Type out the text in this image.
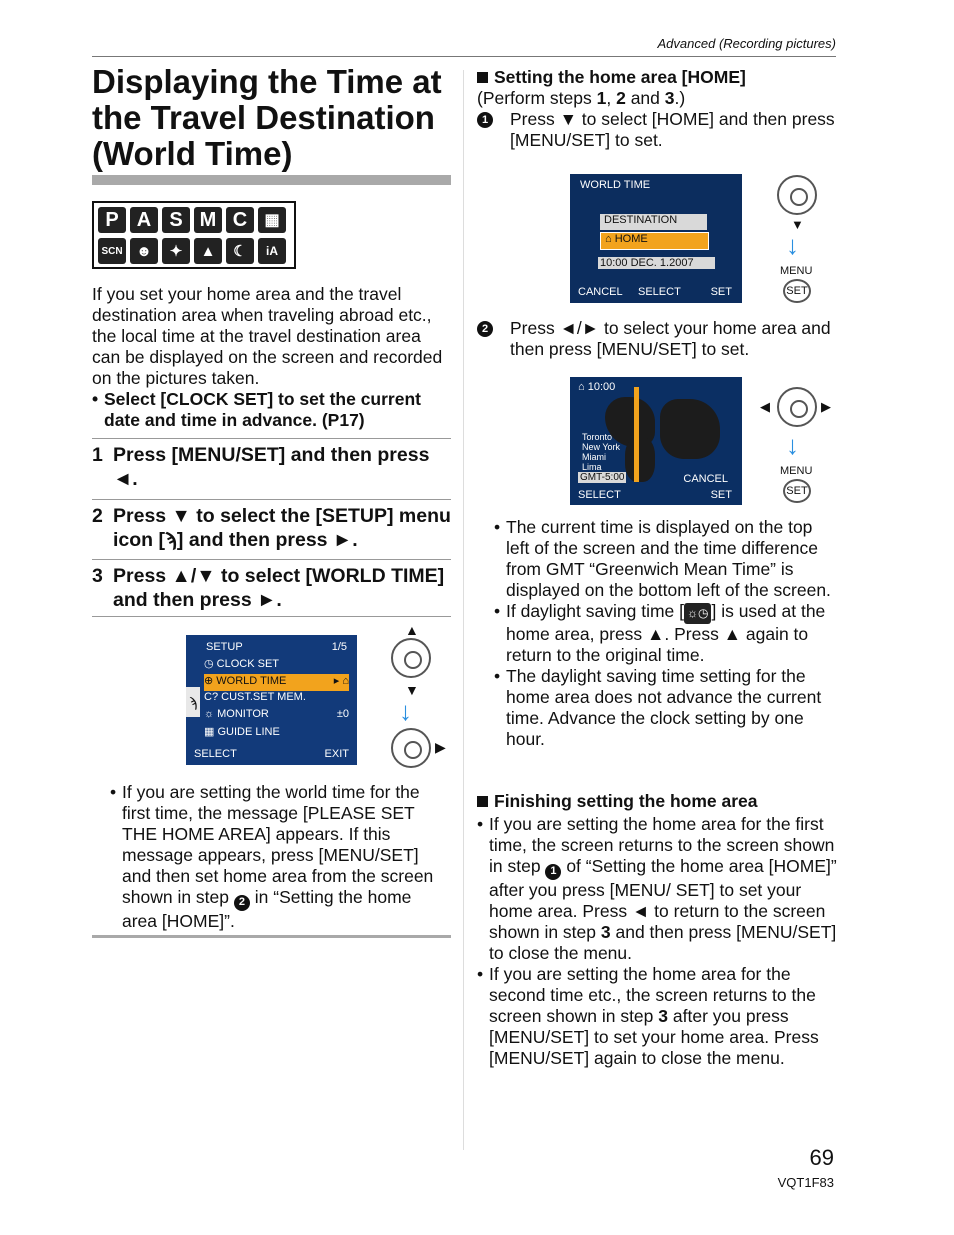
Advanced (Recording pictures)
Displaying the Time at the Travel Destination (World Time)
P A S M C	▦
SCN ☻	✦	▲	☾	iA
If you set your home area and the travel destination area when traveling abroad etc., the local time at the travel destination area can be displayed on the screen and recorded on the pictures taken.
• Select [CLOCK SET] to set the current date and time in advance. (P17)
1 Press [MENU/SET] and then press ◄.
2 Press ▼ to select the [SETUP] menu icon [ϡ] and then press ►.
3 Press ▲/▼ to select [WORLD TIME] and then press ►.
SETUP	1/5
ϡ
◷ CLOCK SET
⊕ WORLD TIME	▸ ⌂
C? CUST.SET MEM.
☼ MONITOR	±0
▦ GUIDE LINE
SELECT	EXIT
▲
▼
↓
▶
• If you are setting the world time for the first time, the message [PLEASE SET THE HOME AREA] appears. If this message appears, press [MENU/SET] and then set home area from the screen shown in step 2 in “Setting the home area [HOME]”.
Setting the home area [HOME]
(Perform steps 1, 2 and 3.)
1 Press ▼ to select [HOME] and then press [MENU/SET] to set.
WORLD TIME
DESTINATION
⌂ HOME
10:00 DEC. 1.2007
CANCEL SELECT	SET
▼
↓
MENU
SET
2 Press ◄/► to select your home area and then press [MENU/SET] to set.
⌂ 10:00
Toronto
New York
Miami
Lima
GMT-5:00	CANCEL
SELECT	SET
◀	▶
↓
MENU
SET
• The current time is displayed on the top left of the screen and the time difference from GMT “Greenwich Mean Time” is displayed on the bottom left of the screen.
• If daylight saving time [ ☼◷ ] is used at the home area, press ▲. Press ▲ again to return to the original time.
• The daylight saving time setting for the home area does not advance the current time. Advance the clock setting by one hour.
Finishing setting the home area
• If you are setting the home area for the first time, the screen returns to the screen shown in step 1 of “Setting the home area [HOME]” after you press [MENU/ SET] to set your home area. Press ◄ to return to the screen shown in step 3 and then press [MENU/SET] to close the menu.
• If you are setting the home area for the second time etc., the screen returns to the screen shown in step 3 after you press [MENU/SET] to set your home area. Press [MENU/SET] again to close the menu.
69
VQT1F83
